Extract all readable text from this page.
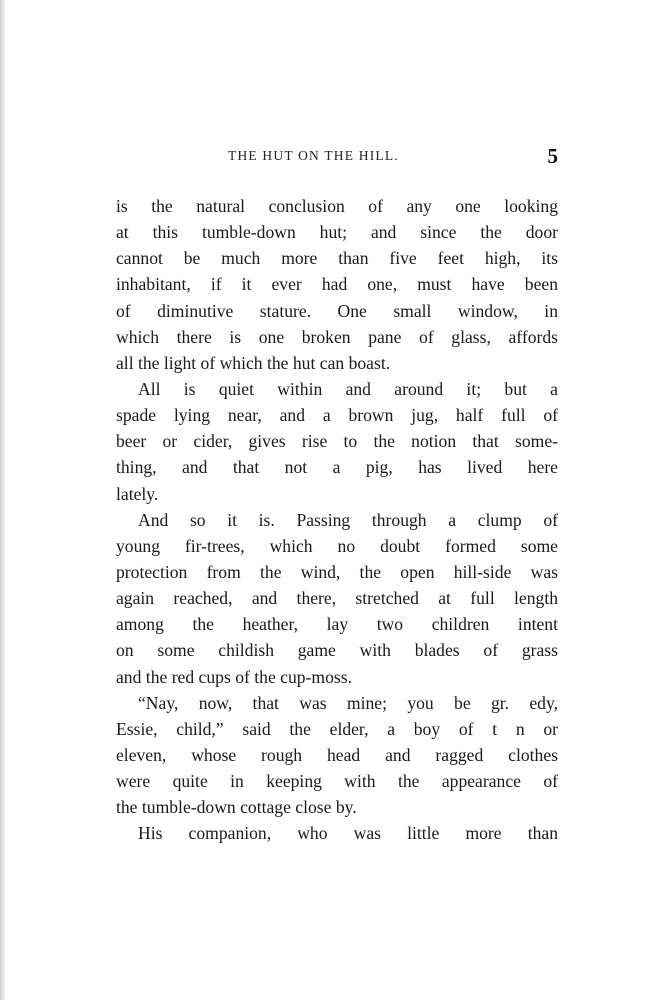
THE HUT ON THE HILL.	5
is the natural conclusion of any one looking
at this tumble-down hut; and since the door
cannot be much more than five feet high, its
inhabitant, if it ever had one, must have been
of diminutive stature. One small window, in
which there is one broken pane of glass, affords
all the light of which the hut can boast.
All is quiet within and around it; but a
spade lying near, and a brown jug, half full of
beer or cider, gives rise to the notion that some-
thing, and that not a pig, has lived here
lately.
And so it is. Passing through a clump of
young fir-trees, which no doubt formed some
protection from the wind, the open hill-side was
again reached, and there, stretched at full length
among the heather, lay two children intent
on some childish game with blades of grass
and the red cups of the cup-moss.
“Nay, now, that was mine; you be gr. edy,
Essie, child,” said the elder, a boy of t n or
eleven, whose rough head and ragged clothes
were quite in keeping with the appearance of
the tumble-down cottage close by.
His companion, who was little more than
